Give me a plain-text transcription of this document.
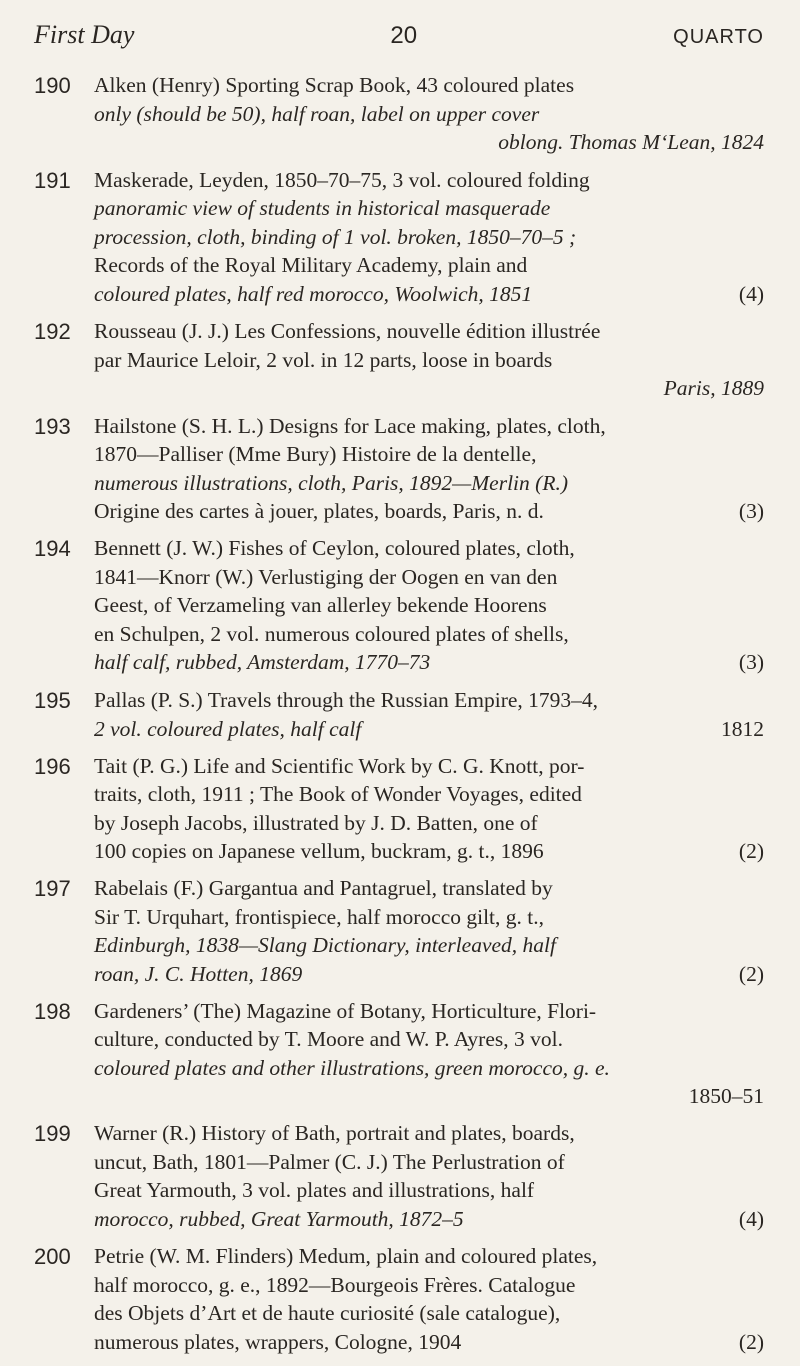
First Day	20	QUARTO
190	Alken (Henry) Sporting Scrap Book, 43 coloured plates
only (should be 50), half roan, label on upper cover
oblong. Thomas M‘Lean, 1824
191	Maskerade, Leyden, 1850–70–75, 3 vol. coloured folding
panoramic view of students in historical masquerade
procession, cloth, binding of 1 vol. broken, 1850–70–5 ;
Records of the Royal Military Academy, plain and
coloured plates, half red morocco, Woolwich, 1851	(4)
192	Rousseau (J. J.) Les Confessions, nouvelle édition illustrée
par Maurice Leloir, 2 vol. in 12 parts, loose in boards
Paris, 1889
193	Hailstone (S. H. L.) Designs for Lace making, plates, cloth,
1870—Palliser (Mme Bury) Histoire de la dentelle,
numerous illustrations, cloth, Paris, 1892—Merlin (R.)
Origine des cartes à jouer, plates, boards, Paris, n. d.	(3)
194	Bennett (J. W.) Fishes of Ceylon, coloured plates, cloth,
1841—Knorr (W.) Verlustiging der Oogen en van den
Geest, of Verzameling van allerley bekende Hoorens
en Schulpen, 2 vol. numerous coloured plates of shells,
half calf, rubbed, Amsterdam, 1770–73	(3)
195	Pallas (P. S.) Travels through the Russian Empire, 1793–4,
2 vol. coloured plates, half calf	1812
196	Tait (P. G.) Life and Scientific Work by C. G. Knott, por-
traits, cloth, 1911 ; The Book of Wonder Voyages, edited
by Joseph Jacobs, illustrated by J. D. Batten, one of
100 copies on Japanese vellum, buckram, g. t., 1896	(2)
197	Rabelais (F.) Gargantua and Pantagruel, translated by
Sir T. Urquhart, frontispiece, half morocco gilt, g. t.,
Edinburgh, 1838—Slang Dictionary, interleaved, half
roan, J. C. Hotten, 1869	(2)
198	Gardeners’ (The) Magazine of Botany, Horticulture, Flori-
culture, conducted by T. Moore and W. P. Ayres, 3 vol.
coloured plates and other illustrations, green morocco, g. e.
1850–51
199	Warner (R.) History of Bath, portrait and plates, boards,
uncut, Bath, 1801—Palmer (C. J.) The Perlustration of
Great Yarmouth, 3 vol. plates and illustrations, half
morocco, rubbed, Great Yarmouth, 1872–5	(4)
200	Petrie (W. M. Flinders) Medum, plain and coloured plates,
half morocco, g. e., 1892—Bourgeois Frères. Catalogue
des Objets d’Art et de haute curiosité (sale catalogue),
numerous plates, wrappers, Cologne, 1904	(2)
